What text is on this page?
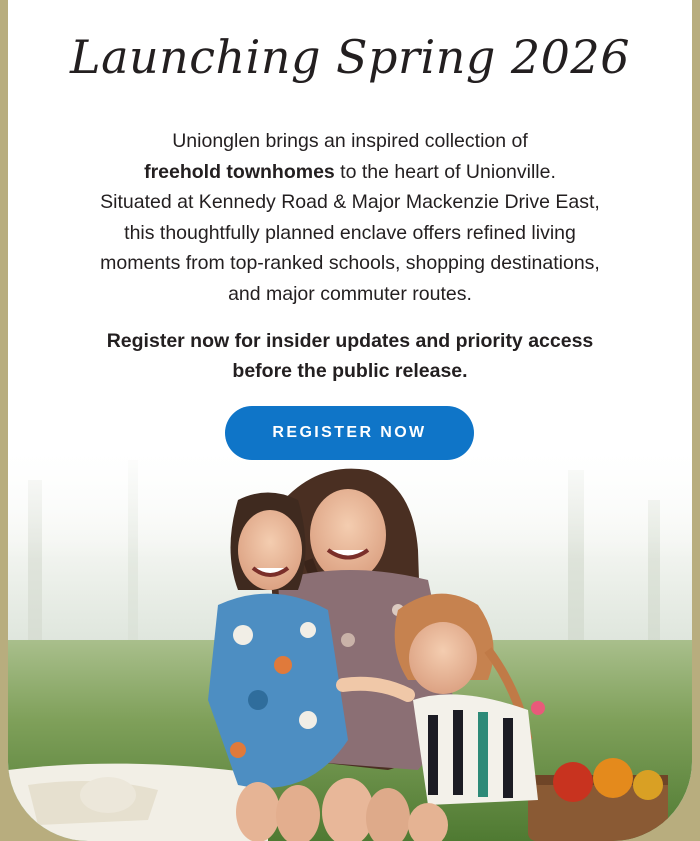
Launching Spring 2026

Unionglen brings an inspired collection of
freehold townhomes to the heart of Unionville.
Situated at Kennedy Road & Major Mackenzie Drive East,
this thoughtfully planned enclave offers refined living
moments from top-ranked schools, shopping destinations,
and major commuter routes.

Register now for insider updates and priority access
before the public release.

REGISTER NOW
